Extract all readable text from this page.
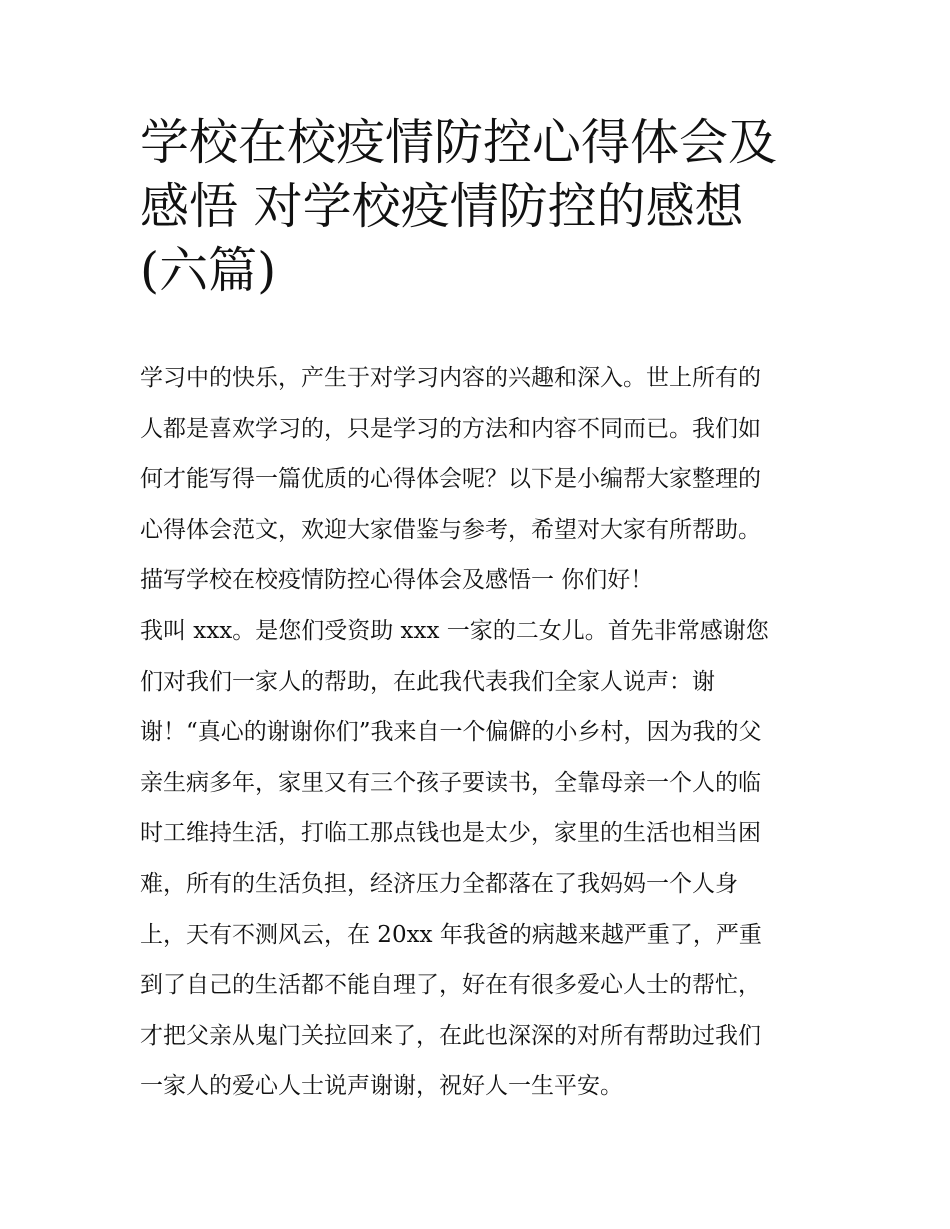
学校在校疫情防控心得体会及
感悟 对学校疫情防控的感想
(六篇)
学习中的快乐，产生于对学习内容的兴趣和深入。世上所有的
人都是喜欢学习的，只是学习的方法和内容不同而已。我们如
何才能写得一篇优质的心得体会呢？以下是小编帮大家整理的
心得体会范文，欢迎大家借鉴与参考，希望对大家有所帮助。
描写学校在校疫情防控心得体会及感悟一 你们好！
我叫 xxx。是您们受资助 xxx 一家的二女儿。首先非常感谢您
们对我们一家人的帮助，在此我代表我们全家人说声：谢
谢！“真心的谢谢你们”我来自一个偏僻的小乡村，因为我的父
亲生病多年，家里又有三个孩子要读书，全靠母亲一个人的临
时工维持生活，打临工那点钱也是太少，家里的生活也相当困
难，所有的生活负担，经济压力全都落在了我妈妈一个人身
上，天有不测风云，在 20xx 年我爸的病越来越严重了，严重
到了自己的生活都不能自理了，好在有很多爱心人士的帮忙，
才把父亲从鬼门关拉回来了，在此也深深的对所有帮助过我们
一家人的爱心人士说声谢谢，祝好人一生平安。
